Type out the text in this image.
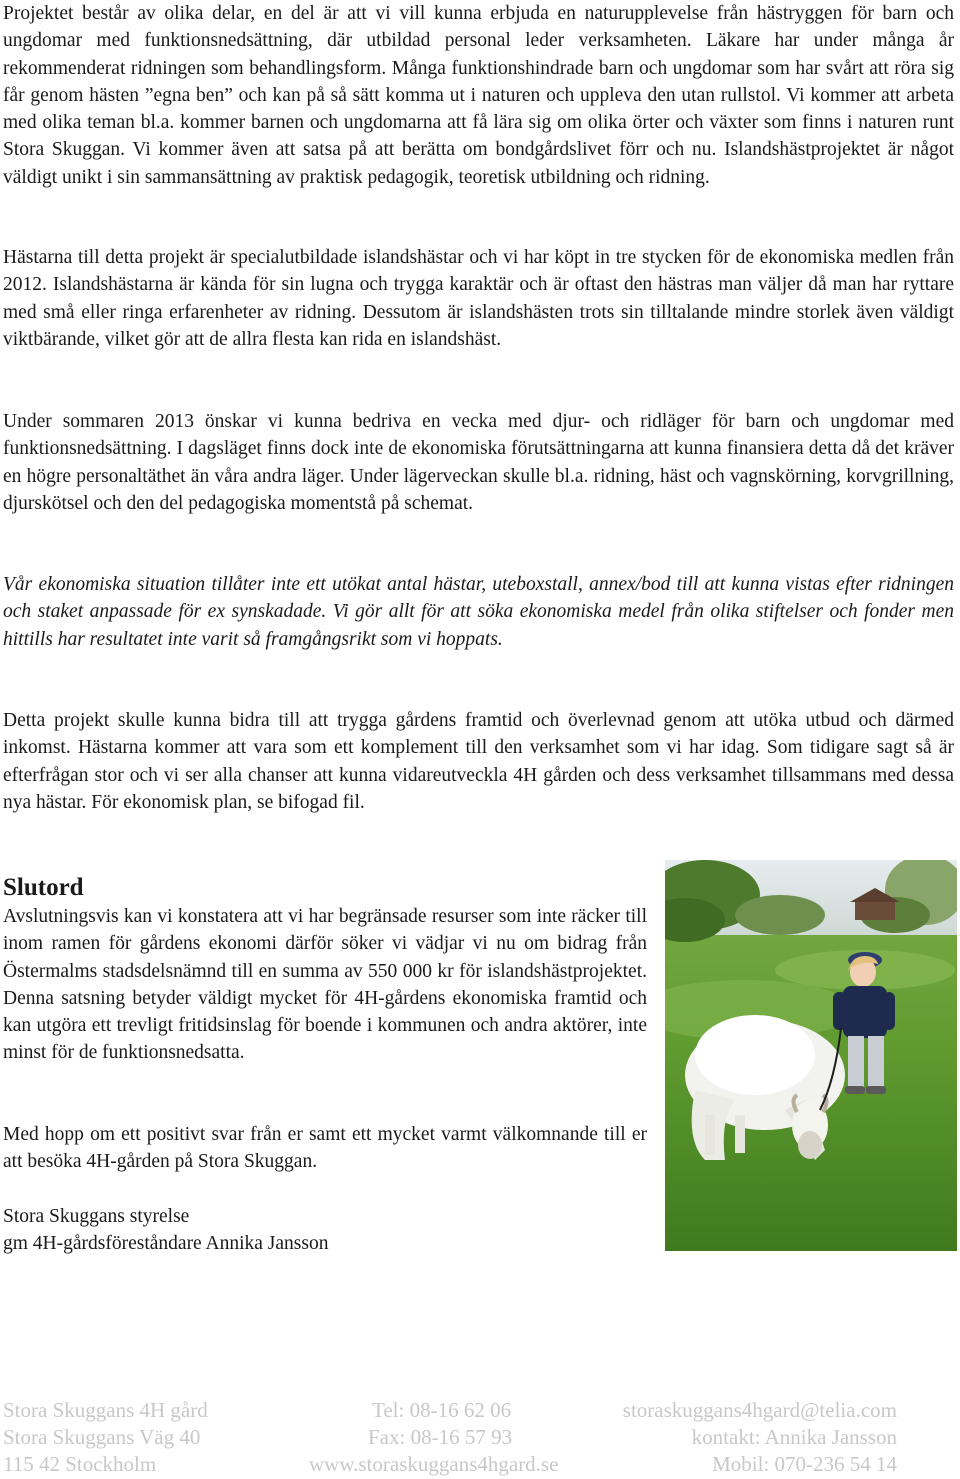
Projektet består av olika delar, en del är att vi vill kunna erbjuda en naturupplevelse från hästryggen för barn och ungdomar med funktionsnedsättning, där utbildad personal leder verksamheten. Läkare har under många år rekommenderat ridningen som behandlingsform. Många funktionshindrade barn och ungdomar som har svårt att röra sig får genom hästen ”egna ben” och kan på så sätt komma ut i naturen och uppleva den utan rullstol. Vi kommer att arbeta med olika teman bl.a. kommer barnen och ungdomarna att få lära sig om olika örter och växter som finns i naturen runt Stora Skuggan. Vi kommer även att satsa på att berätta om bondgårdslivet förr och nu. Islandshästprojektet är något väldigt unikt i sin sammansättning av praktisk pedagogik, teoretisk utbildning och ridning.

Hästarna till detta projekt är specialutbildade islandshästar och vi har köpt in tre stycken för de ekonomiska medlen från 2012. Islandshästarna är kända för sin lugna och trygga karaktär och är oftast den hästras man väljer då man har ryttare med små eller ringa erfarenheter av ridning. Dessutom är islandshästen trots sin tilltalande mindre storlek även väldigt viktbärande, vilket gör att de allra flesta kan rida en islandshäst.

Under sommaren 2013 önskar vi kunna bedriva en vecka med djur- och ridläger för barn och ungdomar med funktionsnedsättning. I dagsläget finns dock inte de ekonomiska förutsättningarna att kunna finansiera detta då det kräver en högre personaltäthet än våra andra läger. Under lägerveckan skulle bl.a. ridning, häst och vagnskörning, korvgrillning, djurskötsel och den del pedagogiska momentstå på schemat.

Vår ekonomiska situation tillåter inte ett utökat antal hästar, uteboxstall, annex/bod till att kunna vistas efter ridningen och staket anpassade för ex synskadade. Vi gör allt för att söka ekonomiska medel från olika stiftelser och fonder men hittills har resultatet inte varit så framgångsrikt som vi hoppats.

Detta projekt skulle kunna bidra till att trygga gårdens framtid och överlevnad genom att utöka utbud och därmed inkomst. Hästarna kommer att vara som ett komplement till den verksamhet som vi har idag. Som tidigare sagt så är efterfrågan stor och vi ser alla chanser att kunna vidareutveckla 4H gården och dess verksamhet tillsammans med dessa nya hästar. För ekonomisk plan, se bifogad fil.

Slutord

Avslutningsvis kan vi konstatera att vi har begränsade resurser som inte räcker till inom ramen för gårdens ekonomi därför söker vi vädjar vi nu om bidrag från Östermalms stadsdelsnämnd till en summa av 550 000 kr för islandshästprojektet. Denna satsning betyder väldigt mycket för 4H-gårdens ekonomiska framtid och kan utgöra ett trevligt fritidsinslag för boende i kommunen och andra aktörer, inte minst för de funktionsnedsatta.

Med hopp om ett positivt svar från er samt ett mycket varmt välkomnande till er att besöka 4H-gården på Stora Skuggan.

Stora Skuggans styrelse
gm 4H-gårdsföreståndare Annika Jansson

Stora Skuggans 4H gård
Stora Skuggans Väg 40
115 42 Stockholm
Tel: 08-16 62 06
Fax: 08-16 57 93
www.storaskuggans4hgard.se
storaskuggans4hgard@telia.com
kontakt: Annika Jansson
Mobil: 070-236 54 14
